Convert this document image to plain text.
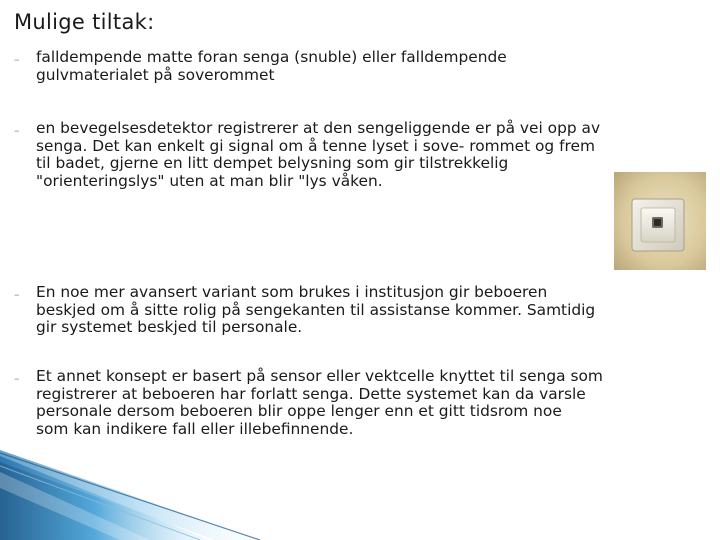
Mulige tiltak:
– falldempende matte foran senga (snuble) eller falldempende
gulvmaterialet på soverommet
– en bevegelsesdetektor registrerer at den sengeliggende er på vei opp av
senga. Det kan enkelt gi signal om å tenne lyset i sove- rommet og frem
til badet, gjerne en litt dempet belysning som gir tilstrekkelig
"orienteringslys" uten at man blir "lys våken.
– En noe mer avansert variant som brukes i institusjon gir beboeren
beskjed om å sitte rolig på sengekanten til assistanse kommer. Samtidig
gir systemet beskjed til personale.
– Et annet konsept er basert på sensor eller vektcelle knyttet til senga som
registrerer at beboeren har forlatt senga. Dette systemet kan da varsle
personale dersom beboeren blir oppe lenger enn et gitt tidsrom noe
som kan indikere fall eller illebefinnende.
